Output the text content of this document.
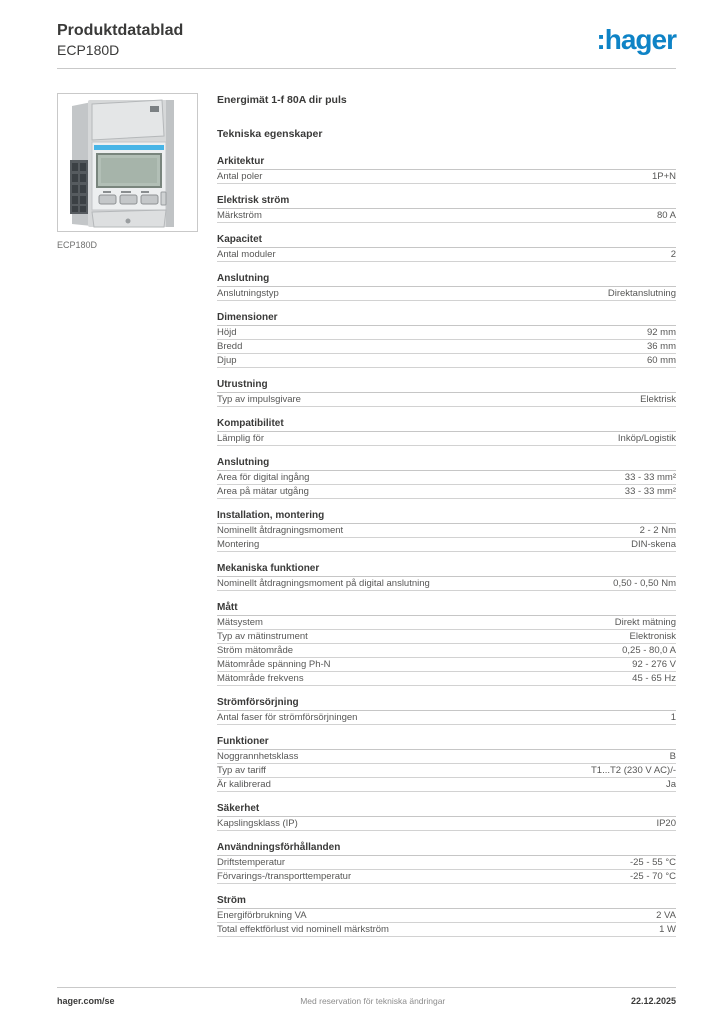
Produktdatablad
ECP180D	:hager
ECP180D
Energimät 1-f 80A dir puls
Tekniska egenskaper
Arkitektur
Antal poler	1P+N
Elektrisk ström
Märkström	80 A
Kapacitet
Antal moduler	2
Anslutning
Anslutningstyp	Direktanslutning
Dimensioner
Höjd	92 mm
Bredd	36 mm
Djup	60 mm
Utrustning
Typ av impulsgivare	Elektrisk
Kompatibilitet
Lämplig för	Inköp/Logistik
Anslutning
Area för digital ingång	33 - 33 mm²
Area på mätar utgång	33 - 33 mm²
Installation, montering
Nominellt åtdragningsmoment	2 - 2 Nm
Montering	DIN-skena
Mekaniska funktioner
Nominellt åtdragningsmoment på digital anslutning	0,50 - 0,50 Nm
Mått
Mätsystem	Direkt mätning
Typ av mätinstrument	Elektronisk
Ström mätområde	0,25 - 80,0 A
Mätområde spänning Ph-N	92 - 276 V
Mätområde frekvens	45 - 65 Hz
Strömförsörjning
Antal faser för strömförsörjningen	1
Funktioner
Noggrannhetsklass	B
Typ av tariff	T1...T2 (230 V AC)/-
Är kalibrerad	Ja
Säkerhet
Kapslingsklass (IP)	IP20
Användningsförhållanden
Driftstemperatur	-25 - 55 °C
Förvarings-/transporttemperatur	-25 - 70 °C
Ström
Energiförbrukning VA	2 VA
Total effektförlust vid nominell märkström	1 W
hager.com/se	Med reservation för tekniska ändringar	22.12.2025
